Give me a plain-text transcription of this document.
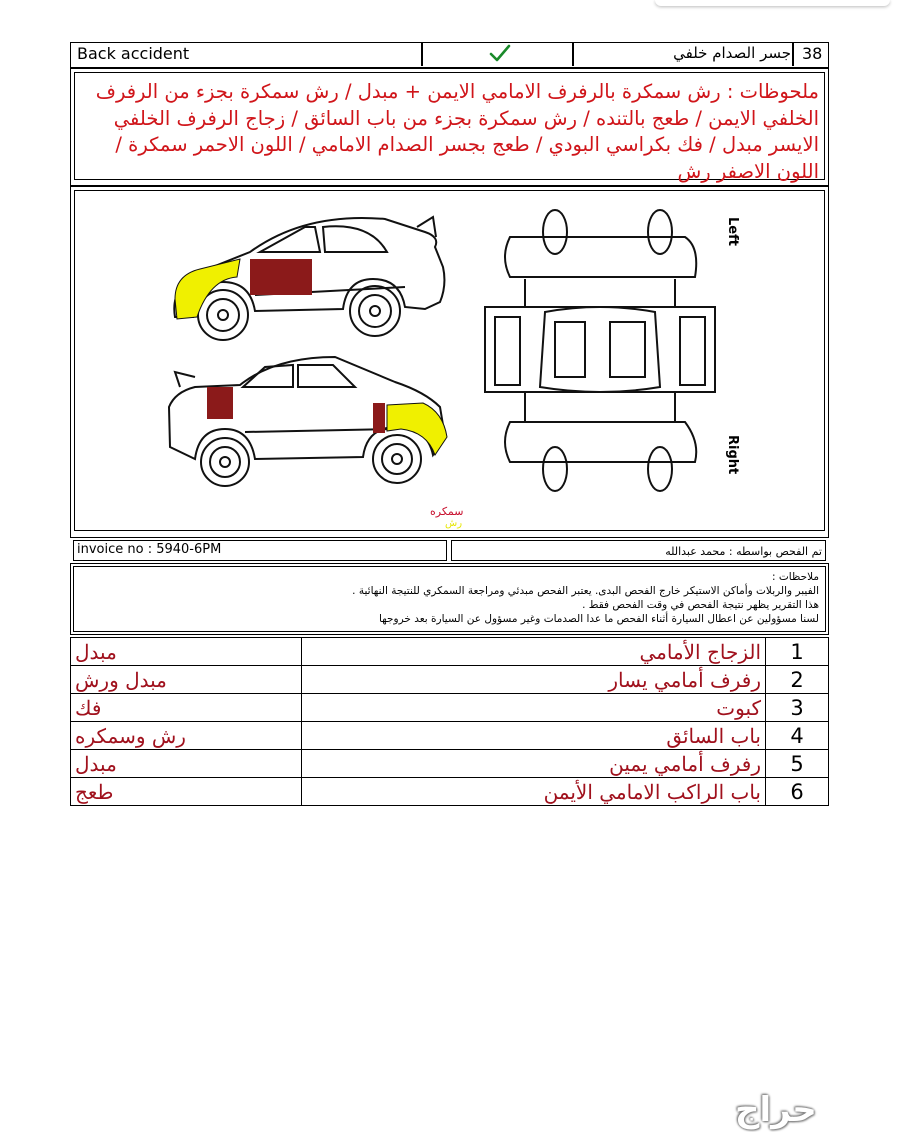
Back accident	جسر الصدام خلفي 38
ملحوظات : رش سمكرة بالرفرف الامامي الايمن + مبدل / رش سمكرة بجزء من الرفرف الخلفي الايمن / طعج بالتنده / رش سمكرة بجزء من باب السائق / زجاج الرفرف الخلفي الايسر مبدل / فك بكراسي البودي / طعج بجسر الصدام الامامي / اللون الاحمر سمكرة / اللون الاصفر رش
Left
Right
سمكره
رش
invoice no : 5940-6PM	تم الفحص بواسطه : محمد عبدالله
ملاحظات :
الفيبر والربلات وأماكن الاستيكر خارج الفحص البدى. يعتبر الفحص مبدئي ومراجعة السمكري للنتيجة النهائية .
هذا التقرير يظهر نتيجة الفحص في وقت الفحص فقط .
لسنا مسؤولين عن اعطال السيارة أثناء الفحص ما عدا الصدمات وغير مسؤول عن السيارة بعد خروجها
مبدل	الزجاج الأمامي	1
مبدل ورش	رفرف أمامي يسار	2
فك	كبوت	3
رش وسمكره	باب السائق	4
مبدل	رفرف أمامي يمين	5
طعج	باب الراكب الامامي الأيمن	6
حراج
